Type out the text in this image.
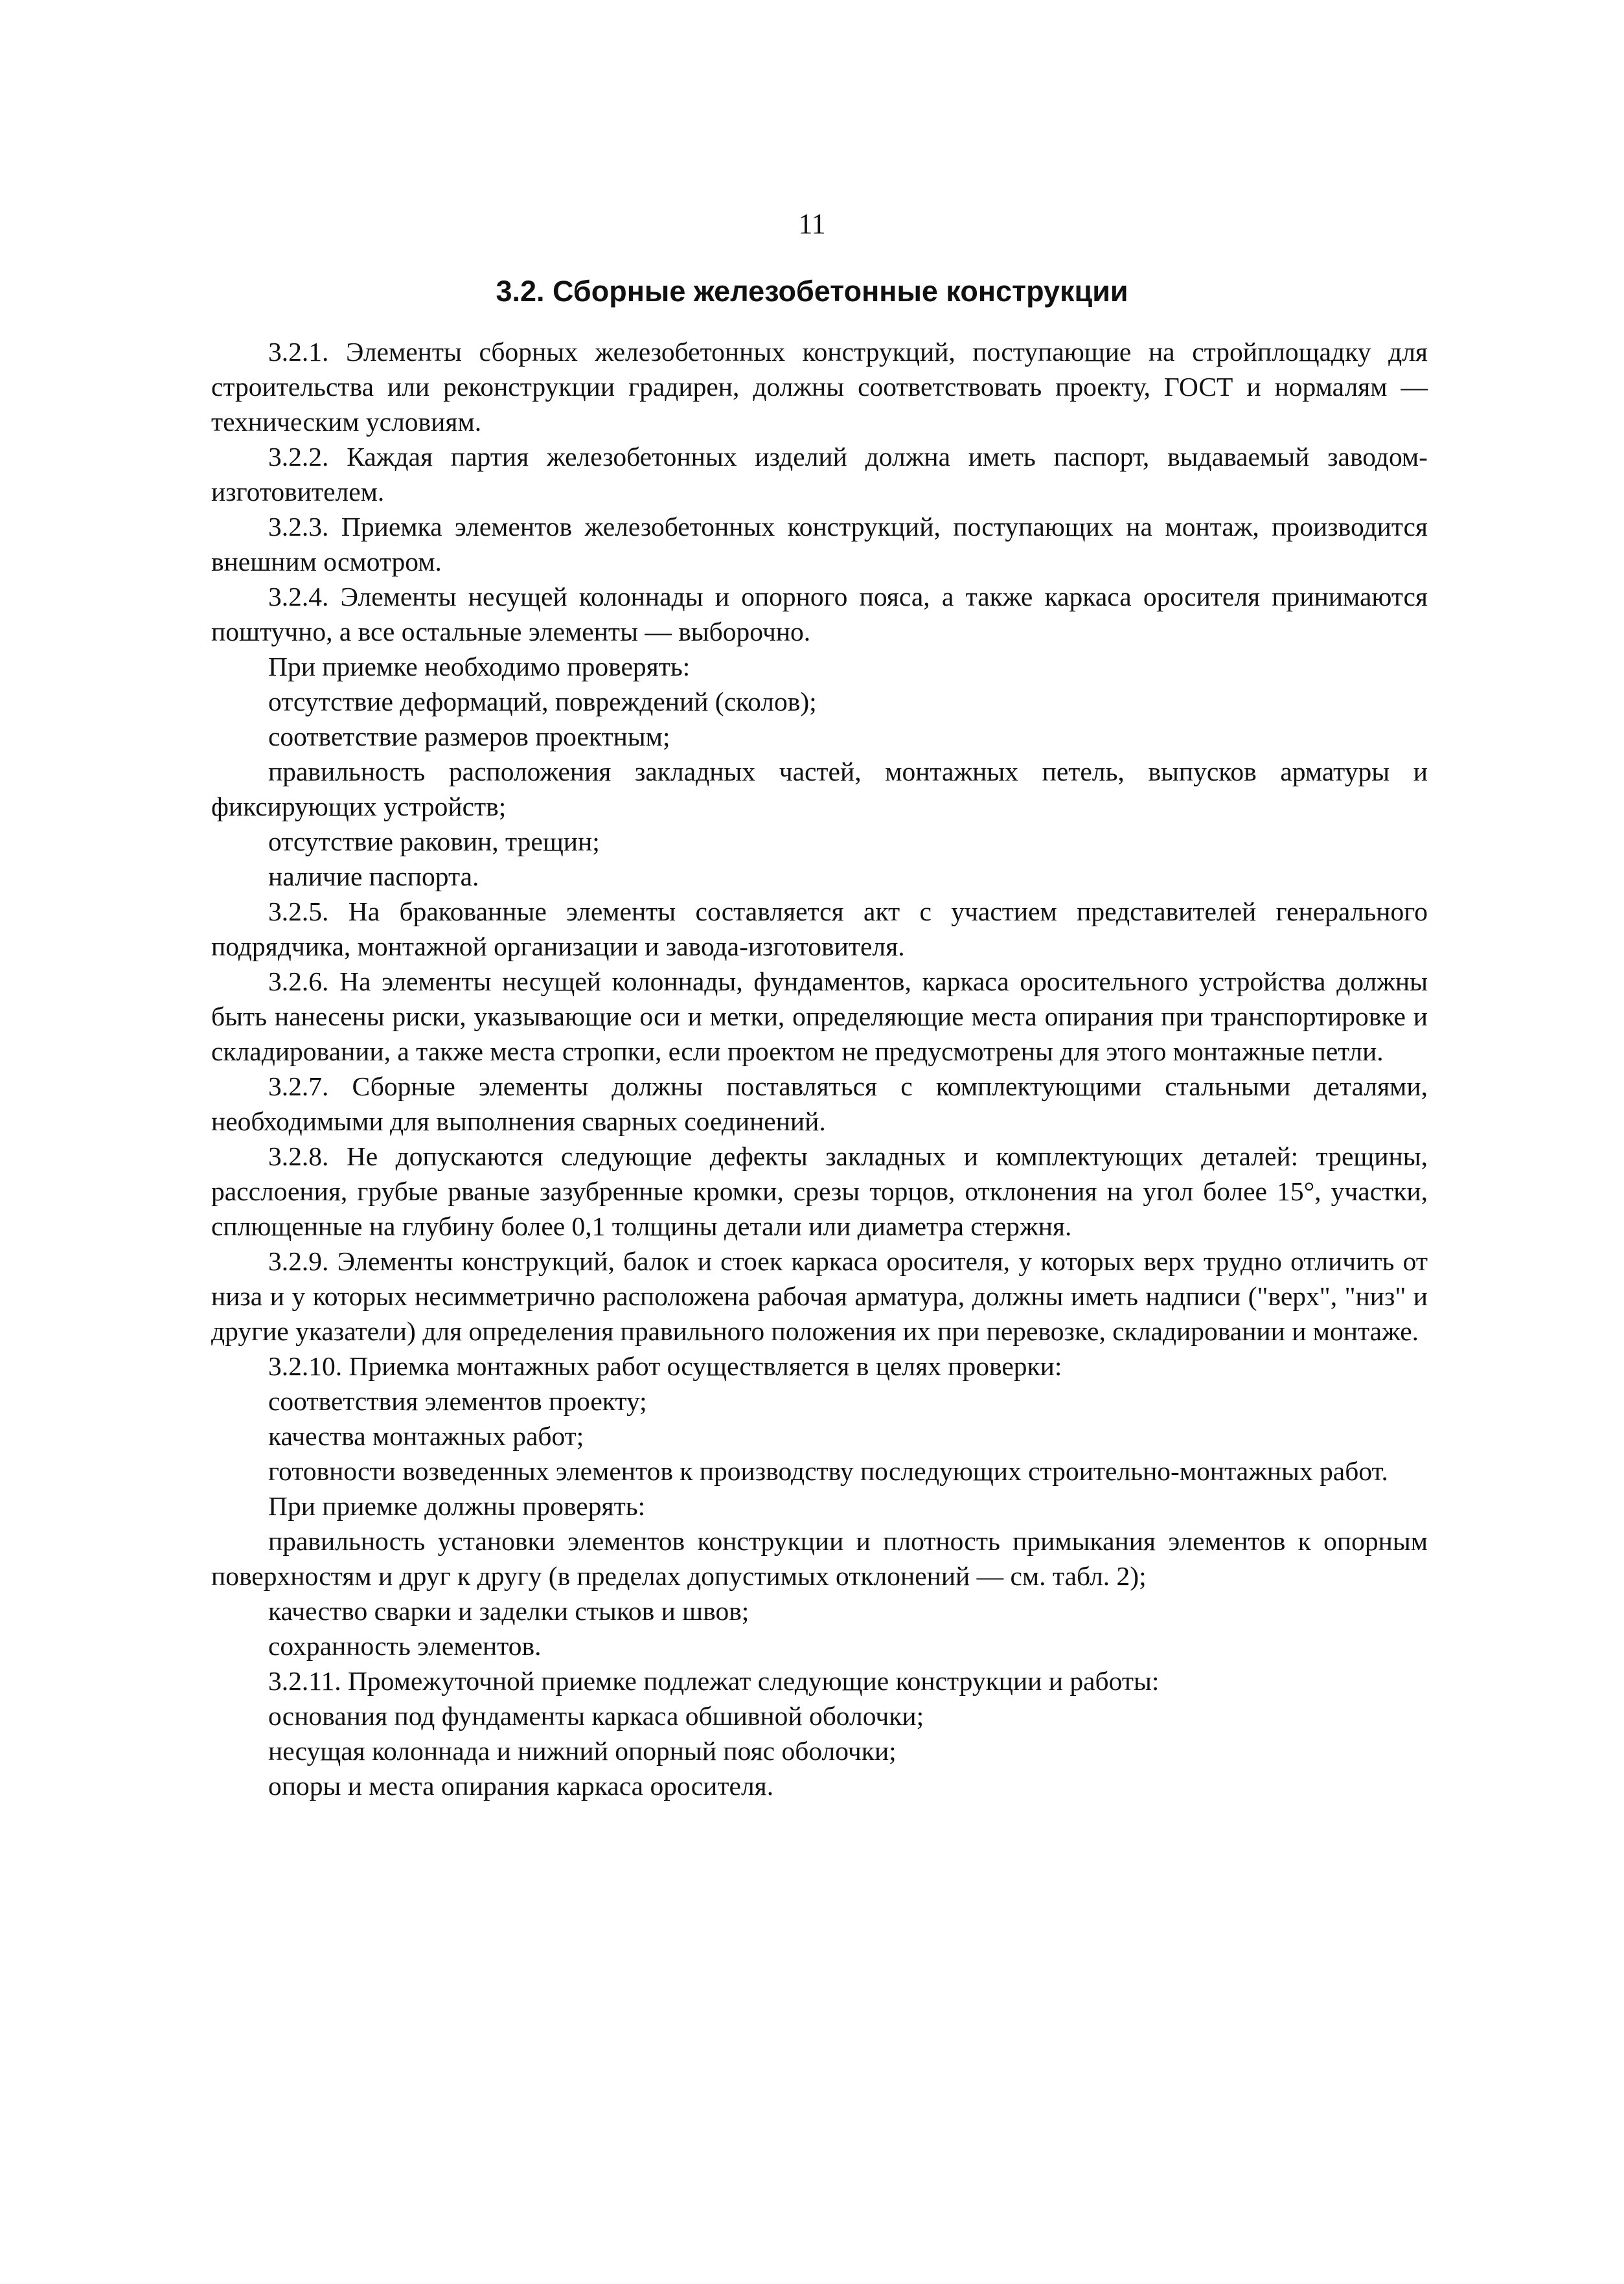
11
3.2. Сборные железобетонные конструкции

3.2.1. Элементы сборных железобетонных конструкций, поступающие на стройплощадку для строительства или реконструкции градирен, должны соответствовать проекту, ГОСТ и нормалям — техническим условиям.

3.2.2. Каждая партия железобетонных изделий должна иметь паспорт, выдаваемый заводом-изготовителем.

3.2.3. Приемка элементов железобетонных конструкций, поступающих на монтаж, производится внешним осмотром.

3.2.4. Элементы несущей колоннады и опорного пояса, а также каркаса оросителя принимаются поштучно, а все остальные элементы — выборочно.

При приемке необходимо проверять:

отсутствие деформаций, повреждений (сколов);

соответствие размеров проектным;

правильность расположения закладных частей, монтажных петель, выпусков арматуры и фиксирующих устройств;

отсутствие раковин, трещин;

наличие паспорта.

3.2.5. На бракованные элементы составляется акт с участием представителей генерального подрядчика, монтажной организации и завода-изготовителя.

3.2.6. На элементы несущей колоннады, фундаментов, каркаса оросительного устройства должны быть нанесены риски, указывающие оси и метки, определяющие места опирания при транспортировке и складировании, а также места стропки, если проектом не предусмотрены для этого монтажные петли.

3.2.7. Сборные элементы должны поставляться с комплектующими стальными деталями, необходимыми для выполнения сварных соединений.

3.2.8. Не допускаются следующие дефекты закладных и комплектующих деталей: трещины, расслоения, грубые рваные зазубренные кромки, срезы торцов, отклонения на угол более 15°, участки, сплющенные на глубину более 0,1 толщины детали или диаметра стержня.

3.2.9. Элементы конструкций, балок и стоек каркаса оросителя, у которых верх трудно отличить от низа и у которых несимметрично расположена рабочая арматура, должны иметь надписи ("верх", "низ" и другие указатели) для определения правильного положения их при перевозке, складировании и монтаже.

3.2.10. Приемка монтажных работ осуществляется в целях проверки:

соответствия элементов проекту;

качества монтажных работ;

готовности возведенных элементов к производству последующих строительно-монтажных работ.

При приемке должны проверять:

правильность установки элементов конструкции и плотность примыкания элементов к опорным поверхностям и друг к другу (в пределах допустимых отклонений — см. табл. 2);

качество сварки и заделки стыков и швов;

сохранность элементов.

3.2.11. Промежуточной приемке подлежат следующие конструкции и работы:

основания под фундаменты каркаса обшивной оболочки;

несущая колоннада и нижний опорный пояс оболочки;

опоры и места опирания каркаса оросителя.
